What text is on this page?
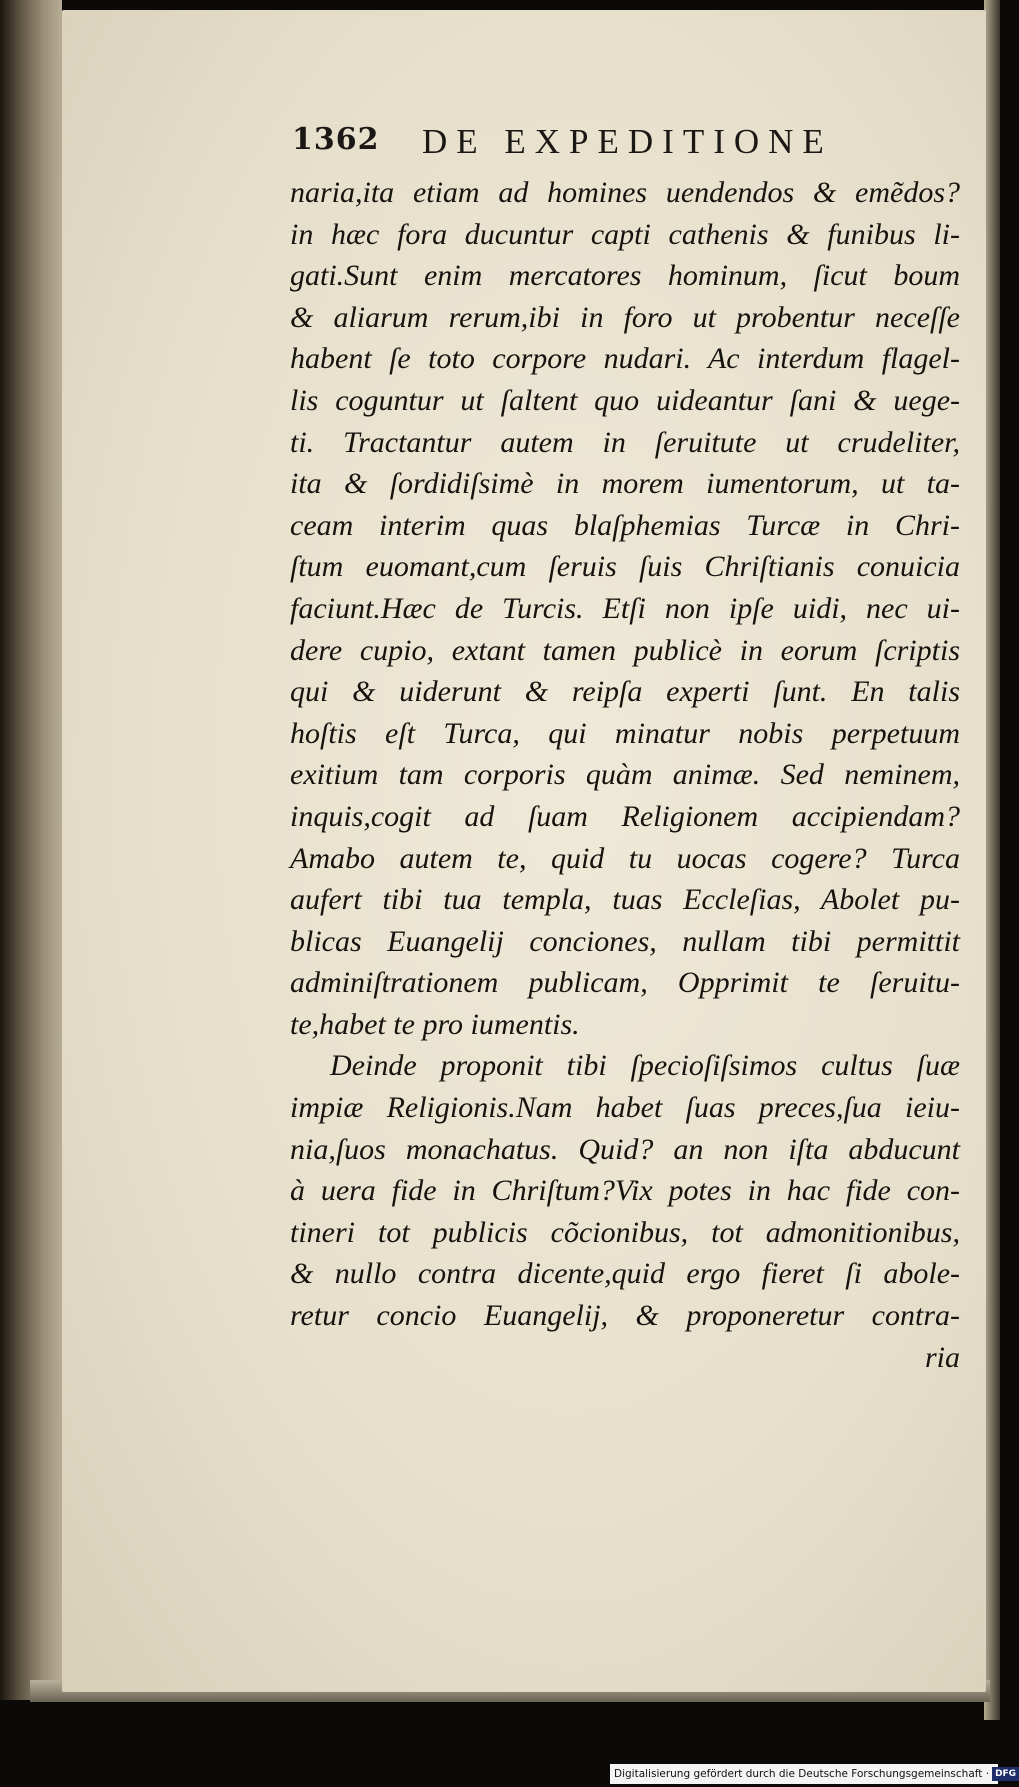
1362 DE EXPEDITIONE
naria,ita etiam ad homines uendendos & emẽdos?
in hæc fora ducuntur capti cathenis & funibus li-
gati.Sunt enim mercatores hominum, ſicut boum
& aliarum rerum,ibi in foro ut probentur neceſſe
habent ſe toto corpore nudari. Ac interdum flagel-
lis coguntur ut ſaltent quo uideantur ſani & uege-
ti. Tractantur autem in ſeruitute ut crudeliter,
ita & ſordidiſsimè in morem iumentorum, ut ta-
ceam interim quas blaſphemias Turcæ in Chri-
ſtum euomant,cum ſeruis ſuis Chriſtianis conuicia
faciunt.Hæc de Turcis. Etſi non ipſe uidi, nec ui-
dere cupio, extant tamen publicè in eorum ſcriptis
qui & uiderunt & reipſa experti ſunt. En talis
hoſtis eſt Turca, qui minatur nobis perpetuum
exitium tam corporis quàm animæ. Sed neminem,
inquis,cogit ad ſuam Religionem accipiendam?
Amabo autem te, quid tu uocas cogere? Turca
aufert tibi tua templa, tuas Eccleſias, Abolet pu-
blicas Euangelij conciones, nullam tibi permittit
adminiſtrationem publicam, Opprimit te ſeruitu-
te,habet te pro iumentis.
Deinde proponit tibi ſpecioſiſsimos cultus ſuæ
impiæ Religionis.Nam habet ſuas preces,ſua ieiu-
nia,ſuos monachatus. Quid? an non iſta abducunt
à uera fide in Chriſtum?Vix potes in hac fide con-
tineri tot publicis cõcionibus, tot admonitionibus,
& nullo contra dicente,quid ergo fieret ſi abole-
retur concio Euangelij, & proponeretur contra-
ria
Digitalisierung gefördert durch die Deutsche Forschungsgemeinschaft · DFG
